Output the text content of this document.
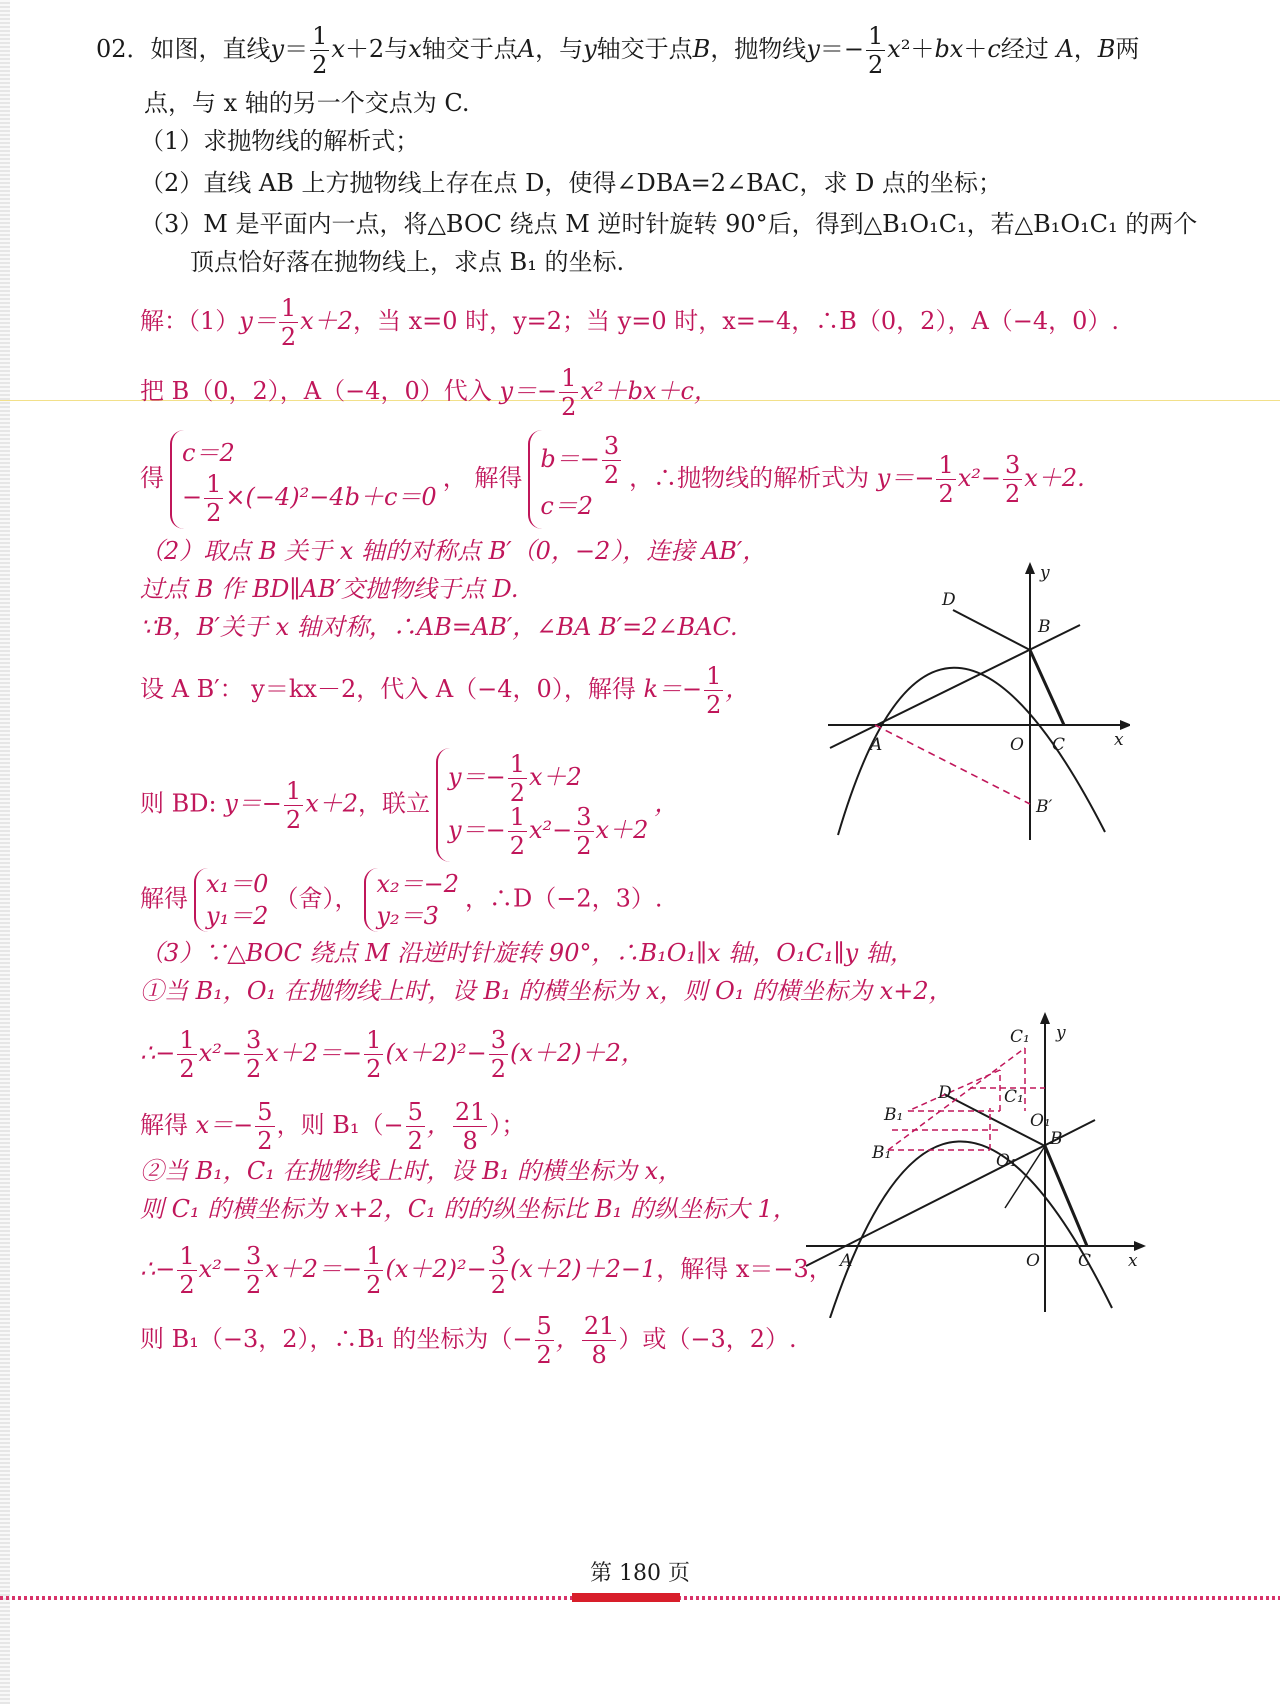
02．如图，直线$y= \frac{1}{2} x+2$与x轴交于点A，与y轴交于点B，抛物线$y=- \frac{1}{2} x^2+bx+c$经过 A，B两
点，与 x 轴的另一个交点为 C.
（1）求抛物线的解析式；
（2）直线 AB 上方抛物线上存在点 D，使得∠DBA=2∠BAC，求 D 点的坐标；
（3）M 是平面内一点，将△BOC 绕点 M 逆时针旋转 90°后，得到△B₁O₁C₁，若△B₁O₁C₁ 的两个
顶点恰好落在抛物线上，求点 B₁ 的坐标.
解：$(1)y= \frac{1}{2} x+2$，当 x=0 时，y=2；当 y=0 时，x=−4，∴B（0，2），A（−4，0）.
把 B（0，2），A（−4，0）代入 $y=- \frac{1}{2} x^2+bx+c$，
得
c＝2
− $\frac{1}{2} \times(-4)^2-4b+c=0$
， 解得
$b=- \frac{3}{2}$
c＝2
，∴抛物线的解析式为 $y=- \frac{1}{2} x^2- \frac{3}{2} x+2$.
（2）取点 B 关于 x 轴的对称点 B′（0，−2），连接 AB′，
过点 B 作 BD∥AB′交抛物线于点 D.
∵B，B′关于 x 轴对称，∴AB=AB′，∠BA B′=2∠BAC.
设 A B′： y＝kx－2，代入 A（−4，0），解得 $k=- \frac{1}{2}$ ，
则 BD: $y=- \frac{1}{2} x+2$，联立
$y=- \frac{1}{2} x+2$
$y=- \frac{1}{2} x^2- \frac{3}{2} x+2$
，
解得
x₁＝0
y₁＝2
（舍），
x₂＝−2
y₂＝3
，∴D（−2，3）.
（3）∵△BOC 绕点 M 沿逆时针旋转 90°，∴B₁O₁∥x 轴，O₁C₁∥y 轴，
①当 B₁，O₁ 在抛物线上时，设 B₁ 的横坐标为 x，则 O₁ 的横坐标为 x+2，
∴− $\frac{1}{2} x^2- \frac{3}{2} x+2=- \frac{1}{2} (x+2)^2- \frac{3}{2} (x+2)+2$，
解得 $x=- \frac{5}{2}$ ，则 $B_1(- \frac{5}{2}$ ， $\frac{21}{8}$ ）；
②当 B₁，C₁ 在抛物线上时，设 B₁ 的横坐标为 x，
则 C₁ 的横坐标为 x+2，C₁ 的的纵坐标比 B₁ 的纵坐标大 1，
∴− $\frac{1}{2} x^2- \frac{3}{2} x+2=- \frac{1}{2} (x+2)^2- \frac{3}{2} (x+2)+2-1$，解得 x＝−3，
则 B₁（−3，2），∴B₁ 的坐标为（− $\frac{5}{2}$ ， $\frac{21}{8}$ ）或（−3，2）.
D
B
A	O C	x
y
B′
C₁
D	C₁
B₁	O₁
B
B₁	O₁
A	O C x
y
第 180 页
